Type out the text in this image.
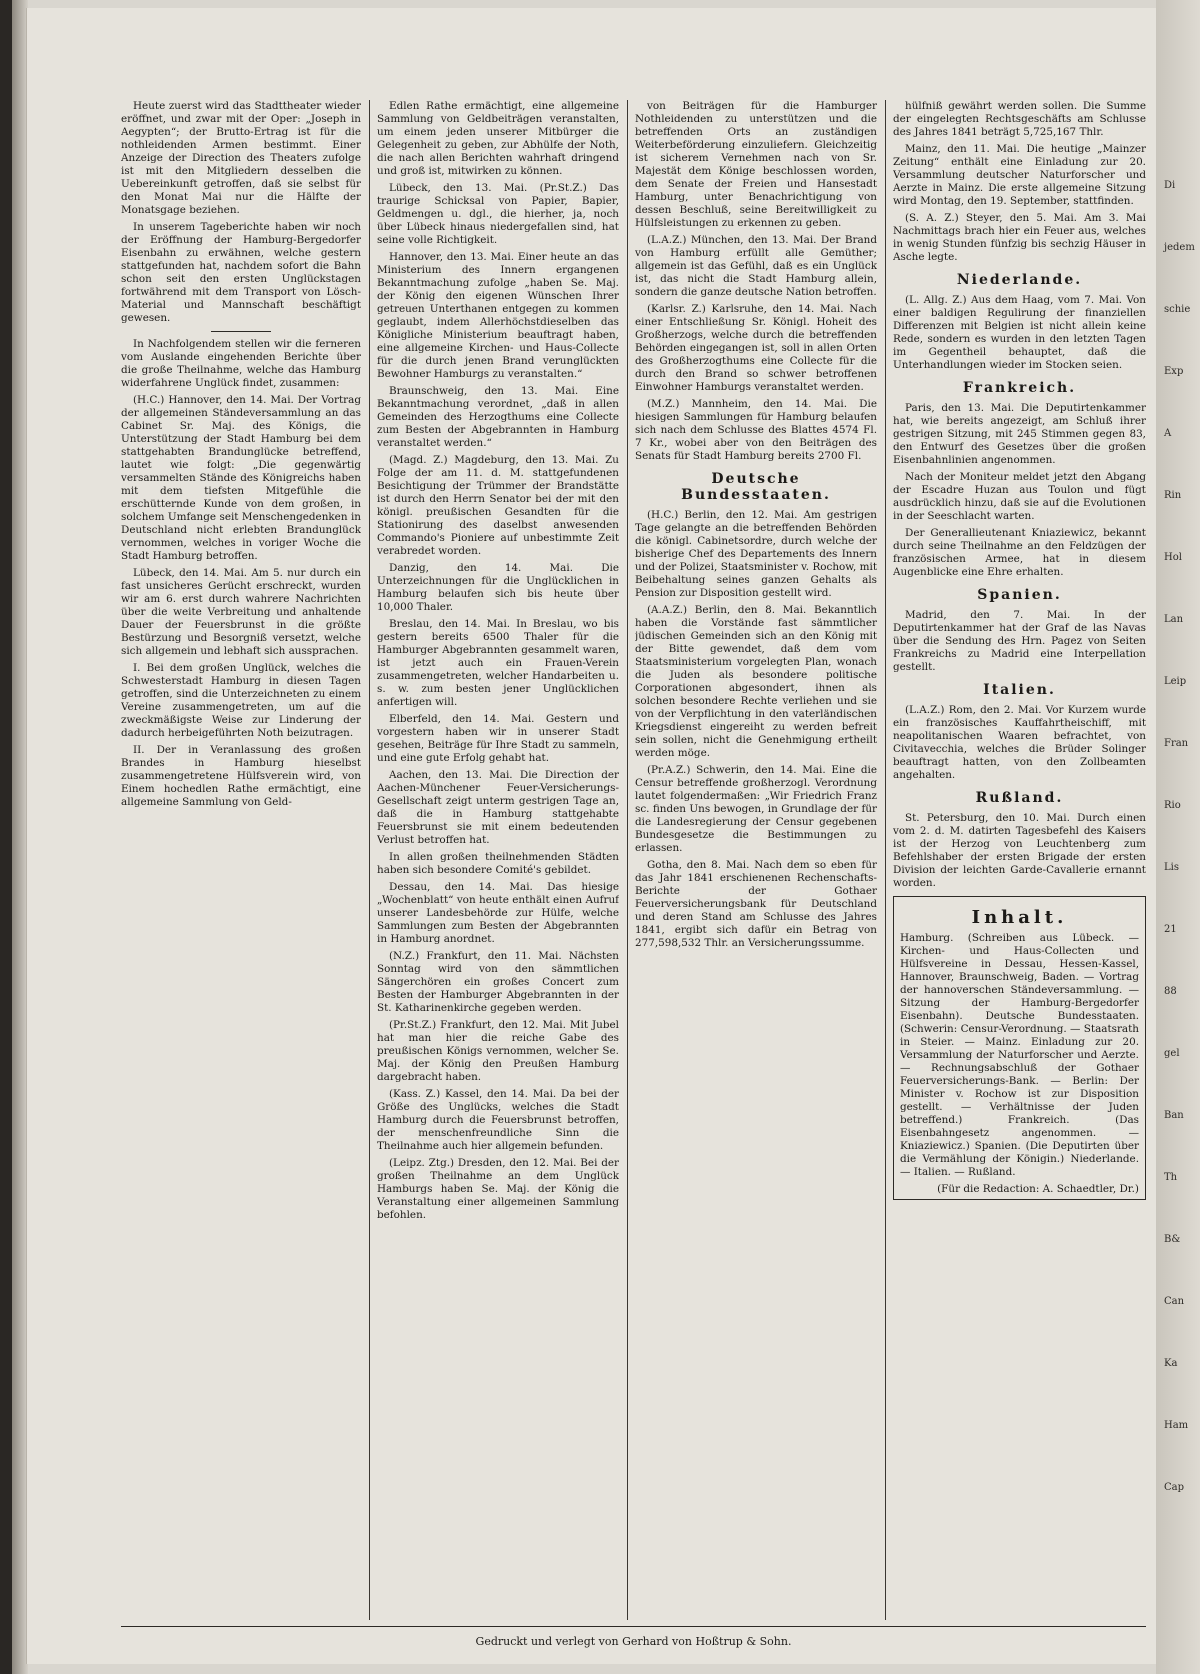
Heute zuerst wird das Stadttheater wieder eröffnet, und zwar mit der Oper: „Joseph in Aegypten“; der Brutto-Ertrag ist für die nothleidenden Armen bestimmt. Einer Anzeige der Direction des Theaters zufolge ist mit den Mitgliedern desselben die Uebereinkunft getroffen, daß sie selbst für den Monat Mai nur die Hälfte der Monatsgage beziehen.

In unserem Tageberichte haben wir noch der Eröffnung der Hamburg-Bergedorfer Eisenbahn zu erwähnen, welche gestern stattgefunden hat, nachdem sofort die Bahn schon seit den ersten Unglückstagen fortwährend mit dem Transport von Lösch-Material und Mannschaft beschäftigt gewesen.

In Nachfolgendem stellen wir die ferneren vom Auslande eingehenden Berichte über die große Theilnahme, welche das Hamburg widerfahrene Unglück findet, zusammen:

(H.C.) Hannover, den 14. Mai. Der Vortrag der allgemeinen Ständeversammlung an das Cabinet Sr. Maj. des Königs, die Unterstützung der Stadt Hamburg bei dem stattgehabten Brandunglücke betreffend, lautet wie folgt: „Die gegenwärtig versammelten Stände des Königreichs haben mit dem tiefsten Mitgefühle die erschütternde Kunde von dem großen, in solchem Umfange seit Menschengedenken in Deutschland nicht erlebten Brandunglück vernommen, welches in voriger Woche die Stadt Hamburg betroffen.

Lübeck, den 14. Mai. Am 5. nur durch ein fast unsicheres Gerücht erschreckt, wurden wir am 6. erst durch wahrere Nachrichten über die weite Verbreitung und anhaltende Dauer der Feuersbrunst in die größte Bestürzung und Besorgniß versetzt, welche sich allgemein und lebhaft sich aussprachen.

I. Bei dem großen Unglück, welches die Schwesterstadt Hamburg in diesen Tagen getroffen, sind die Unterzeichneten zu einem Vereine zusammengetreten, um auf die zweckmäßigste Weise zur Linderung der dadurch herbeigeführten Noth beizutragen.

II. Der in Veranlassung des großen Brandes in Hamburg hieselbst zusammengetretene Hülfsverein wird, von Einem hochedlen Rathe ermächtigt, eine allgemeine Sammlung von Geld-

Edlen Rathe ermächtigt, eine allgemeine Sammlung von Geldbeiträgen veranstalten, um einem jeden unserer Mitbürger die Gelegenheit zu geben, zur Abhülfe der Noth, die nach allen Berichten wahrhaft dringend und groß ist, mitwirken zu können.

Lübeck, den 13. Mai. (Pr.St.Z.) Das traurige Schicksal von Papier, Bapier, Geldmengen u. dgl., die hierher, ja, noch über Lübeck hinaus niedergefallen sind, hat seine volle Richtigkeit.

Hannover, den 13. Mai. Einer heute an das Ministerium des Innern ergangenen Bekanntmachung zufolge „haben Se. Maj. der König den eigenen Wünschen Ihrer getreuen Unterthanen entgegen zu kommen geglaubt, indem Allerhöchstdieselben das Königliche Ministerium beauftragt haben, eine allgemeine Kirchen- und Haus-Collecte für die durch jenen Brand verunglückten Bewohner Hamburgs zu veranstalten.“

Braunschweig, den 13. Mai. Eine Bekanntmachung verordnet, „daß in allen Gemeinden des Herzogthums eine Collecte zum Besten der Abgebrannten in Hamburg veranstaltet werden.“

(Magd. Z.) Magdeburg, den 13. Mai. Zu Folge der am 11. d. M. stattgefundenen Besichtigung der Trümmer der Brandstätte ist durch den Herrn Senator bei der mit den königl. preußischen Gesandten für die Stationirung des daselbst anwesenden Commando's Pioniere auf unbestimmte Zeit verabredet worden.

Danzig, den 14. Mai. Die Unterzeichnungen für die Unglücklichen in Hamburg belaufen sich bis heute über 10,000 Thaler.

Breslau, den 14. Mai. In Breslau, wo bis gestern bereits 6500 Thaler für die Hamburger Abgebrannten gesammelt waren, ist jetzt auch ein Frauen-Verein zusammengetreten, welcher Handarbeiten u. s. w. zum besten jener Unglücklichen anfertigen will.

Elberfeld, den 14. Mai. Gestern und vorgestern haben wir in unserer Stadt gesehen, Beiträge für Ihre Stadt zu sammeln, und eine gute Erfolg gehabt hat.

Aachen, den 13. Mai. Die Direction der Aachen-Münchener Feuer-Versicherungs-Gesellschaft zeigt unterm gestrigen Tage an, daß die in Hamburg stattgehabte Feuersbrunst sie mit einem bedeutenden Verlust betroffen hat.

In allen großen theilnehmenden Städten haben sich besondere Comité's gebildet.

Dessau, den 14. Mai. Das hiesige „Wochenblatt“ von heute enthält einen Aufruf unserer Landesbehörde zur Hülfe, welche Sammlungen zum Besten der Abgebrannten in Hamburg anordnet.

(N.Z.) Frankfurt, den 11. Mai. Nächsten Sonntag wird von den sämmtlichen Sängerchören ein großes Concert zum Besten der Hamburger Abgebrannten in der St. Katharinenkirche gegeben werden.

(Pr.St.Z.) Frankfurt, den 12. Mai. Mit Jubel hat man hier die reiche Gabe des preußischen Königs vernommen, welcher Se. Maj. der König den Preußen Hamburg dargebracht haben.

(Kass. Z.) Kassel, den 14. Mai. Da bei der Größe des Unglücks, welches die Stadt Hamburg durch die Feuersbrunst betroffen, der menschenfreundliche Sinn die Theilnahme auch hier allgemein befunden.

(Leipz. Ztg.) Dresden, den 12. Mai. Bei der großen Theilnahme an dem Unglück Hamburgs haben Se. Maj. der König die Veranstaltung einer allgemeinen Sammlung befohlen.

von Beiträgen für die Hamburger Nothleidenden zu unterstützen und die betreffenden Orts an zuständigen Weiterbeförderung einzuliefern. Gleichzeitig ist sicherem Vernehmen nach von Sr. Majestät dem Könige beschlossen worden, dem Senate der Freien und Hansestadt Hamburg, unter Benachrichtigung von dessen Beschluß, seine Bereitwilligkeit zu Hülfsleistungen zu erkennen zu geben.

(L.A.Z.) München, den 13. Mai. Der Brand von Hamburg erfüllt alle Gemüther; allgemein ist das Gefühl, daß es ein Unglück ist, das nicht die Stadt Hamburg allein, sondern die ganze deutsche Nation betroffen.

(Karlsr. Z.) Karlsruhe, den 14. Mai. Nach einer Entschließung Sr. Königl. Hoheit des Großherzogs, welche durch die betreffenden Behörden eingegangen ist, soll in allen Orten des Großherzogthums eine Collecte für die durch den Brand so schwer betroffenen Einwohner Hamburgs veranstaltet werden.

(M.Z.) Mannheim, den 14. Mai. Die hiesigen Sammlungen für Hamburg belaufen sich nach dem Schlusse des Blattes 4574 Fl. 7 Kr., wobei aber von den Beiträgen des Senats für Stadt Hamburg bereits 2700 Fl.

Deutsche Bundesstaaten.

(H.C.) Berlin, den 12. Mai. Am gestrigen Tage gelangte an die betreffenden Behörden die königl. Cabinetsordre, durch welche der bisherige Chef des Departements des Innern und der Polizei, Staatsminister v. Rochow, mit Beibehaltung seines ganzen Gehalts als Pension zur Disposition gestellt wird.

(A.A.Z.) Berlin, den 8. Mai. Bekanntlich haben die Vorstände fast sämmtlicher jüdischen Gemeinden sich an den König mit der Bitte gewendet, daß dem vom Staatsministerium vorgelegten Plan, wonach die Juden als besondere politische Corporationen abgesondert, ihnen als solchen besondere Rechte verliehen und sie von der Verpflichtung in den vaterländischen Kriegsdienst eingereiht zu werden befreit sein sollen, nicht die Genehmigung ertheilt werden möge.

(Pr.A.Z.) Schwerin, den 14. Mai. Eine die Censur betreffende großherzogl. Verordnung lautet folgendermaßen: „Wir Friedrich Franz sc. finden Uns bewogen, in Grundlage der für die Landesregierung der Censur gegebenen Bundesgesetze die Bestimmungen zu erlassen.

Gotha, den 8. Mai. Nach dem so eben für das Jahr 1841 erschienenen Rechenschafts-Berichte der Gothaer Feuerversicherungsbank für Deutschland und deren Stand am Schlusse des Jahres 1841, ergibt sich dafür ein Betrag von 277,598,532 Thlr. an Versicherungssumme.

hülfniß gewährt werden sollen. Die Summe der eingelegten Rechtsgeschäfts am Schlusse des Jahres 1841 beträgt 5,725,167 Thlr.

Mainz, den 11. Mai. Die heutige „Mainzer Zeitung“ enthält eine Einladung zur 20. Versammlung deutscher Naturforscher und Aerzte in Mainz. Die erste allgemeine Sitzung wird Montag, den 19. September, stattfinden.

(S. A. Z.) Steyer, den 5. Mai. Am 3. Mai Nachmittags brach hier ein Feuer aus, welches in wenig Stunden fünfzig bis sechzig Häuser in Asche legte.

Niederlande.

(L. Allg. Z.) Aus dem Haag, vom 7. Mai. Von einer baldigen Regulirung der finanziellen Differenzen mit Belgien ist nicht allein keine Rede, sondern es wurden in den letzten Tagen im Gegentheil behauptet, daß die Unterhandlungen wieder im Stocken seien.

Frankreich.

Paris, den 13. Mai. Die Deputirtenkammer hat, wie bereits angezeigt, am Schluß ihrer gestrigen Sitzung, mit 245 Stimmen gegen 83, den Entwurf des Gesetzes über die großen Eisenbahnlinien angenommen.

Nach der Moniteur meldet jetzt den Abgang der Escadre Huzan aus Toulon und fügt ausdrücklich hinzu, daß sie auf die Evolutionen in der Seeschlacht warten.

Der Generallieutenant Kniaziewicz, bekannt durch seine Theilnahme an den Feldzügen der französischen Armee, hat in diesem Augenblicke eine Ehre erhalten.

Spanien.

Madrid, den 7. Mai. In der Deputirtenkammer hat der Graf de las Navas über die Sendung des Hrn. Pagez von Seiten Frankreichs zu Madrid eine Interpellation gestellt.

Italien.

(L.A.Z.) Rom, den 2. Mai. Vor Kurzem wurde ein französisches Kauffahrtheischiff, mit neapolitanischen Waaren befrachtet, von Civitavecchia, welches die Brüder Solinger beauftragt hatten, von den Zollbeamten angehalten.

Rußland.

St. Petersburg, den 10. Mai. Durch einen vom 2. d. M. datirten Tagesbefehl des Kaisers ist der Herzog von Leuchtenberg zum Befehlshaber der ersten Brigade der ersten Division der leichten Garde-Cavallerie ernannt worden.

Inhalt.
Hamburg. (Schreiben aus Lübeck. — Kirchen- und Haus-Collecten und Hülfsvereine in Dessau, Hessen-Kassel, Hannover, Braunschweig, Baden. — Vortrag der hannoverschen Ständeversammlung. — Sitzung der Hamburg-Bergedorfer Eisenbahn). Deutsche Bundesstaaten. (Schwerin: Censur-Verordnung. — Staatsrath in Steier. — Mainz. Einladung zur 20. Versammlung der Naturforscher und Aerzte. — Rechnungsabschluß der Gothaer Feuerversicherungs-Bank. — Berlin: Der Minister v. Rochow ist zur Disposition gestellt. — Verhältnisse der Juden betreffend.) Frankreich. (Das Eisenbahngesetz angenommen. — Kniaziewicz.) Spanien. (Die Deputirten über die Vermählung der Königin.) Niederlande. — Italien. — Rußland.
(Für die Redaction: A. Schaedtler, Dr.)
Gedruckt und verlegt von Gerhard von Hoßtrup & Sohn.
Di
jedem
schie
Exp
A
Rin
Hol
Lan
Leip
Fran
Rio
Lis
21
88
gel
Ban
Th
B&
Can
Ka
Ham
Cap
